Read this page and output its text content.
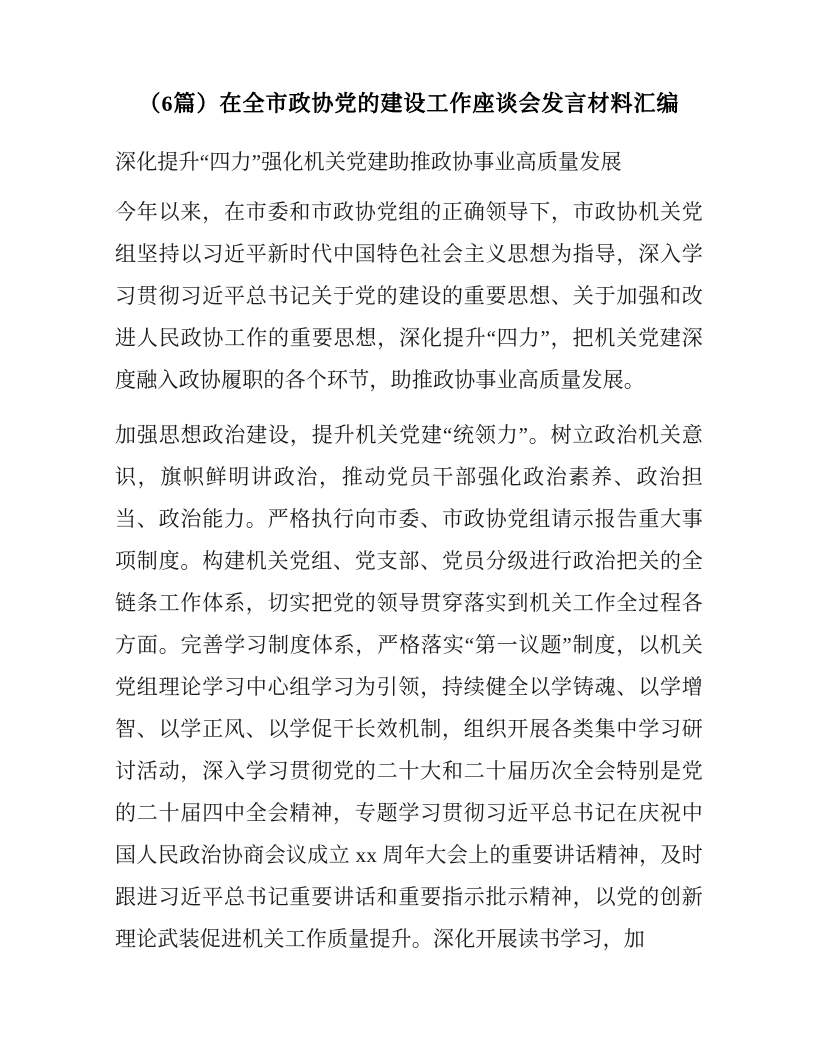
（6篇）在全市政协党的建设工作座谈会发言材料汇编

深化提升“四力”强化机关党建助推政协事业高质量发展

今年以来，在市委和市政协党组的正确领导下，市政协机关党组坚持以习近平新时代中国特色社会主义思想为指导，深入学习贯彻习近平总书记关于党的建设的重要思想、关于加强和改进人民政协工作的重要思想，深化提升“四力”，把机关党建深度融入政协履职的各个环节，助推政协事业高质量发展。

加强思想政治建设，提升机关党建“统领力”。树立政治机关意识，旗帜鲜明讲政治，推动党员干部强化政治素养、政治担当、政治能力。严格执行向市委、市政协党组请示报告重大事项制度。构建机关党组、党支部、党员分级进行政治把关的全链条工作体系，切实把党的领导贯穿落实到机关工作全过程各方面。完善学习制度体系，严格落实“第一议题”制度，以机关党组理论学习中心组学习为引领，持续健全以学铸魂、以学增智、以学正风、以学促干长效机制，组织开展各类集中学习研讨活动，深入学习贯彻党的二十大和二十届历次全会特别是党的二十届四中全会精神，专题学习贯彻习近平总书记在庆祝中国人民政治协商会议成立 xx 周年大会上的重要讲话精神，及时跟进习近平总书记重要讲话和重要指示批示精神，以党的创新理论武装促进机关工作质量提升。深化开展读书学习，加
